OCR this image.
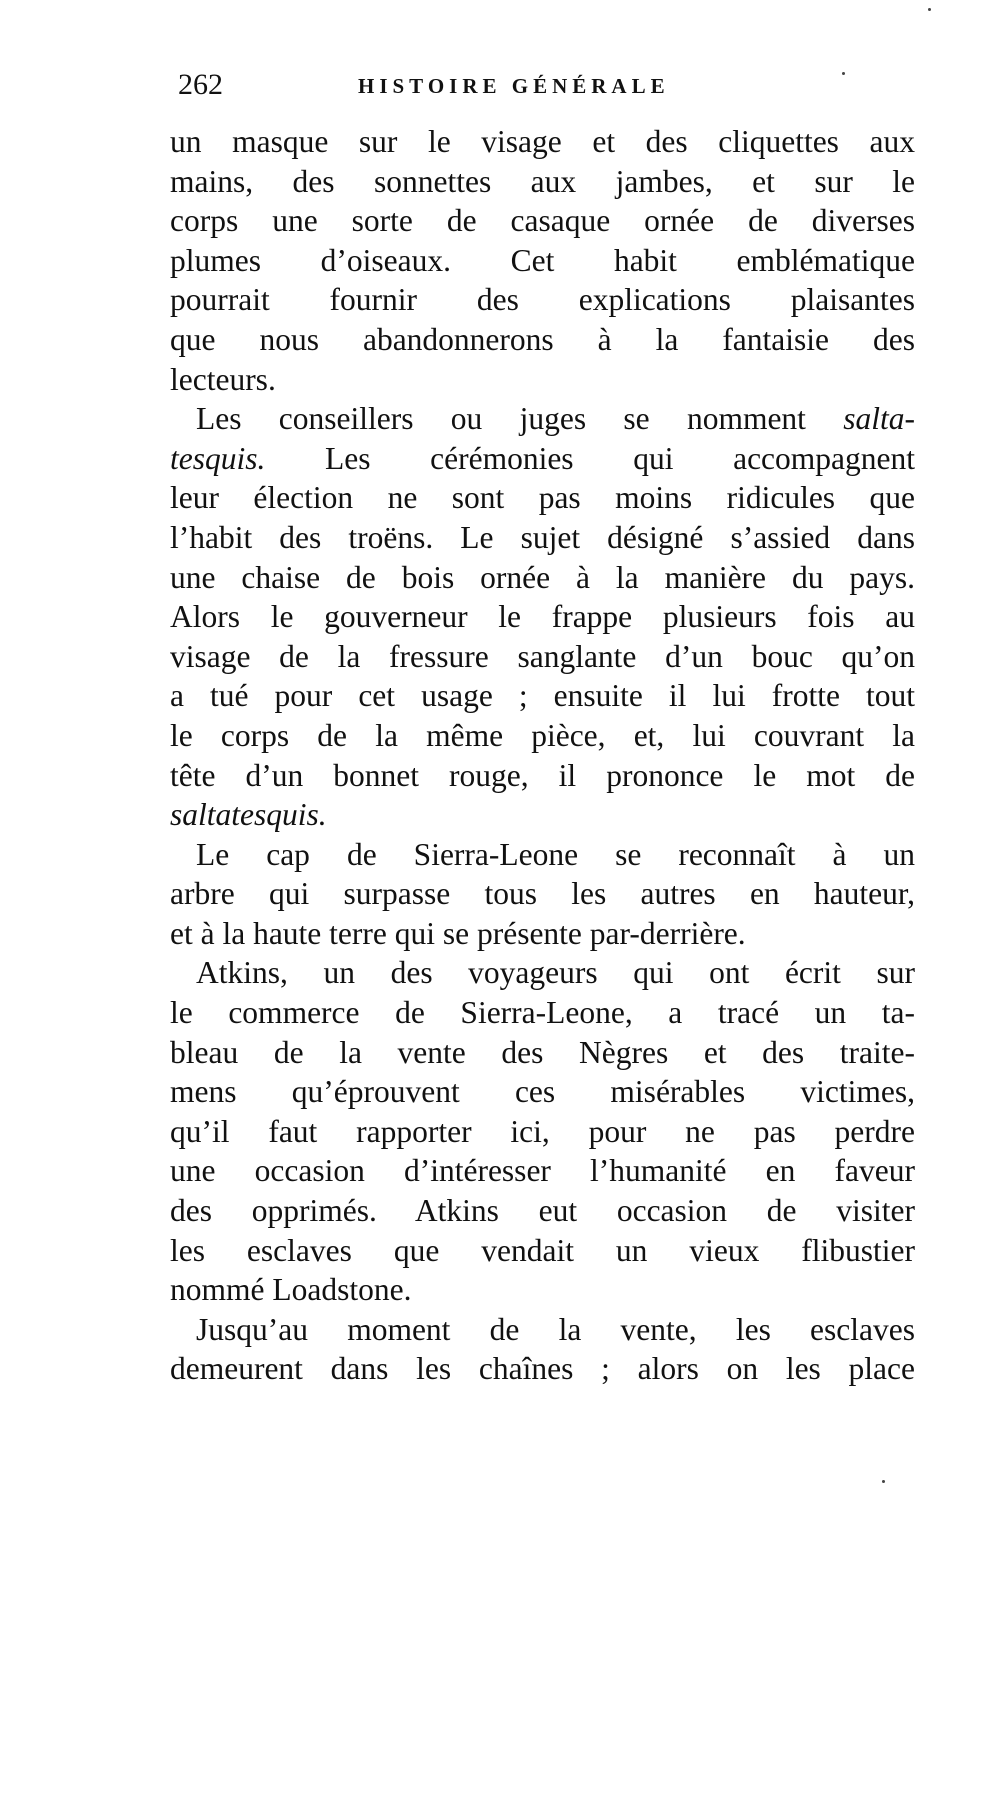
262	HISTOIRE GÉNÉRALE
un masque sur le visage et des cliquettes aux
mains, des sonnettes aux jambes, et sur le
corps une sorte de casaque ornée de diverses
plumes d’oiseaux. Cet habit emblématique
pourrait fournir des explications plaisantes
que nous abandonnerons à la fantaisie des
lecteurs.
Les conseillers ou juges se nomment salta-
tesquis. Les cérémonies qui accompagnent
leur élection ne sont pas moins ridicules que
l’habit des troëns. Le sujet désigné s’assied dans
une chaise de bois ornée à la manière du pays.
Alors le gouverneur le frappe plusieurs fois au
visage de la fressure sanglante d’un bouc qu’on
a tué pour cet usage ; ensuite il lui frotte tout
le corps de la même pièce, et, lui couvrant la
tête d’un bonnet rouge, il prononce le mot de
saltatesquis.
Le cap de Sierra-Leone se reconnaît à un
arbre qui surpasse tous les autres en hauteur,
et à la haute terre qui se présente par-derrière.
Atkins, un des voyageurs qui ont écrit sur
le commerce de Sierra-Leone, a tracé un ta-
bleau de la vente des Nègres et des traite-
mens qu’éprouvent ces misérables victimes,
qu’il faut rapporter ici, pour ne pas perdre
une occasion d’intéresser l’humanité en faveur
des opprimés. Atkins eut occasion de visiter
les esclaves que vendait un vieux flibustier
nommé Loadstone.
Jusqu’au moment de la vente, les esclaves
demeurent dans les chaînes ; alors on les place
